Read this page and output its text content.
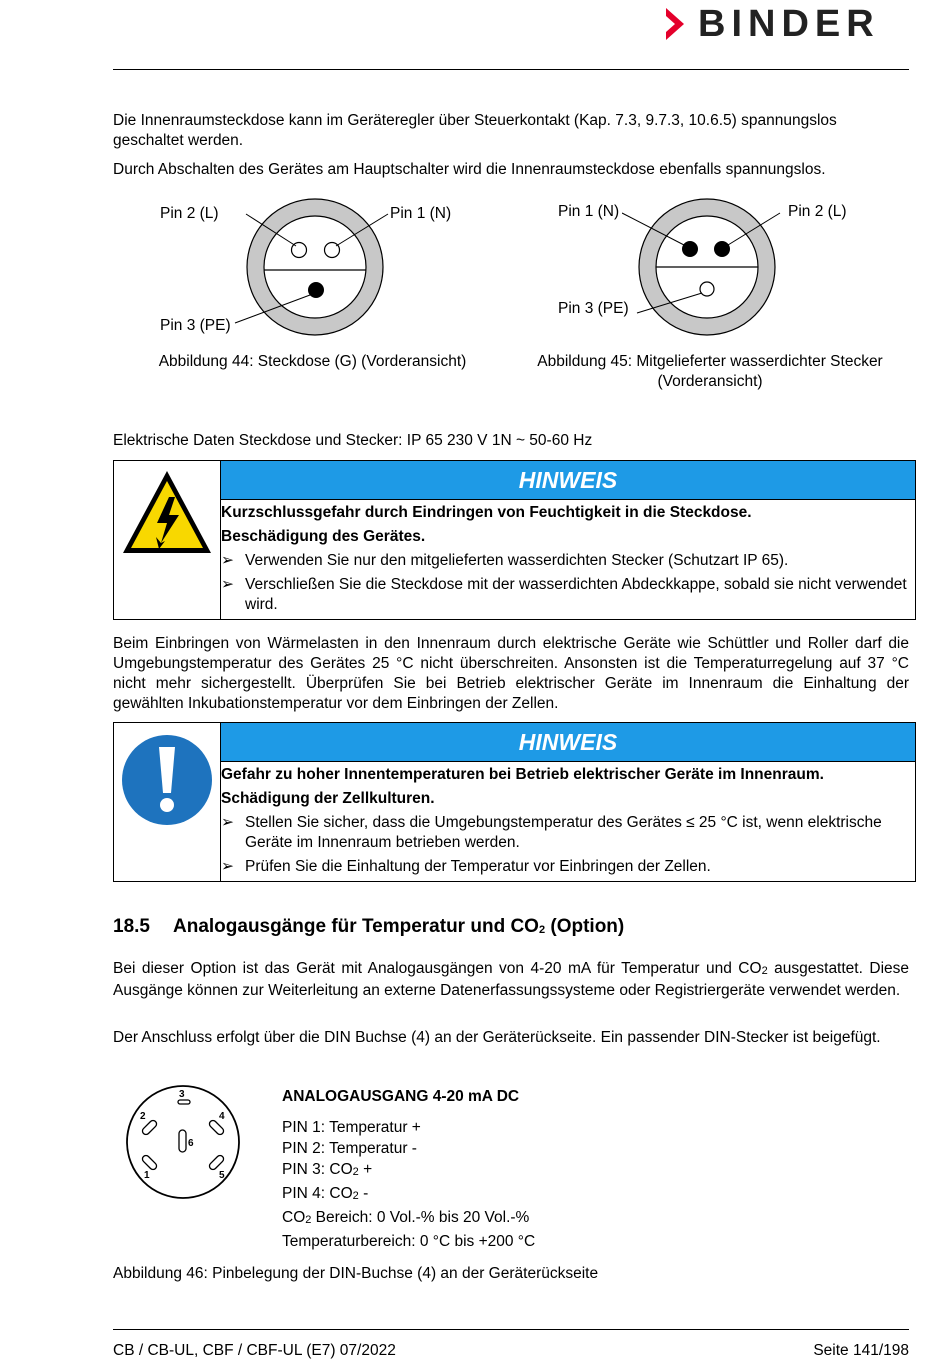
BINDER
Die Innenraumsteckdose kann im Geräteregler über Steuerkontakt (Kap. 7.3, 9.7.3, 10.6.5) spannungslos geschaltet werden.
Durch Abschalten des Gerätes am Hauptschalter wird die Innenraumsteckdose ebenfalls spannungslos.
Pin 2 (L)	Pin 1 (N)
Pin 3 (PE)
Abbildung 44: Steckdose (G) (Vorderansicht)
Pin 1 (N)	Pin 2 (L)
Pin 3 (PE)
Abbildung 45: Mitgelieferter wasserdichter Stecker
(Vorderansicht)
Elektrische Daten Steckdose und Stecker: IP 65 230 V 1N ~ 50-60 Hz
	HINWEIS

Kurzschlussgefahr durch Eindringen von Feuchtigkeit in die Steckdose.
Beschädigung des Gerätes.
➢ Verwenden Sie nur den mitgelieferten wasserdichten Stecker (Schutzart IP 65).
➢ Verschließen Sie die Steckdose mit der wasserdichten Abdeckkappe, sobald sie nicht verwendet wird.
Beim Einbringen von Wärmelasten in den Innenraum durch elektrische Geräte wie Schüttler und Roller darf die Umgebungstemperatur des Gerätes 25 °C nicht überschreiten. Ansonsten ist die Temperaturregelung auf 37 °C nicht mehr sichergestellt. Überprüfen Sie bei Betrieb elektrischer Geräte im Innenraum die Einhaltung der gewählten Inkubationstemperatur vor dem Einbringen der Zellen.
	HINWEIS

Gefahr zu hoher Innentemperaturen bei Betrieb elektrischer Geräte im Innenraum.
Schädigung der Zellkulturen.
➢ Stellen Sie sicher, dass die Umgebungstemperatur des Gerätes ≤ 25 °C ist, wenn elektrische Geräte im Innenraum betrieben werden.
➢ Prüfen Sie die Einhaltung der Temperatur vor Einbringen der Zellen.
18.5 Analogausgänge für Temperatur und $CO_2$ (Option)
Bei dieser Option ist das Gerät mit Analogausgängen von 4-20 mA für Temperatur und $CO_2$ ausgestattet. Diese Ausgänge können zur Weiterleitung an externe Datenerfassungssysteme oder Registriergeräte verwendet werden.
Der Anschluss erfolgt über die DIN Buchse (4) an der Geräterückseite. Ein passender DIN-Stecker ist beigefügt.
1
2
3
4
5
6
ANALOGAUSGANG 4-20 mA DC
PIN 1: Temperatur +
PIN 2: Temperatur -
PIN 3: $CO_2$ +
PIN 4: $CO_2$ -
$CO_2$ Bereich: 0 Vol.-% bis 20 Vol.-%
Temperaturbereich: 0 °C bis +200 °C
Abbildung 46: Pinbelegung der DIN-Buchse (4) an der Geräterückseite
CB / CB-UL, CBF / CBF-UL (E7) 07/2022	Seite 141/198
